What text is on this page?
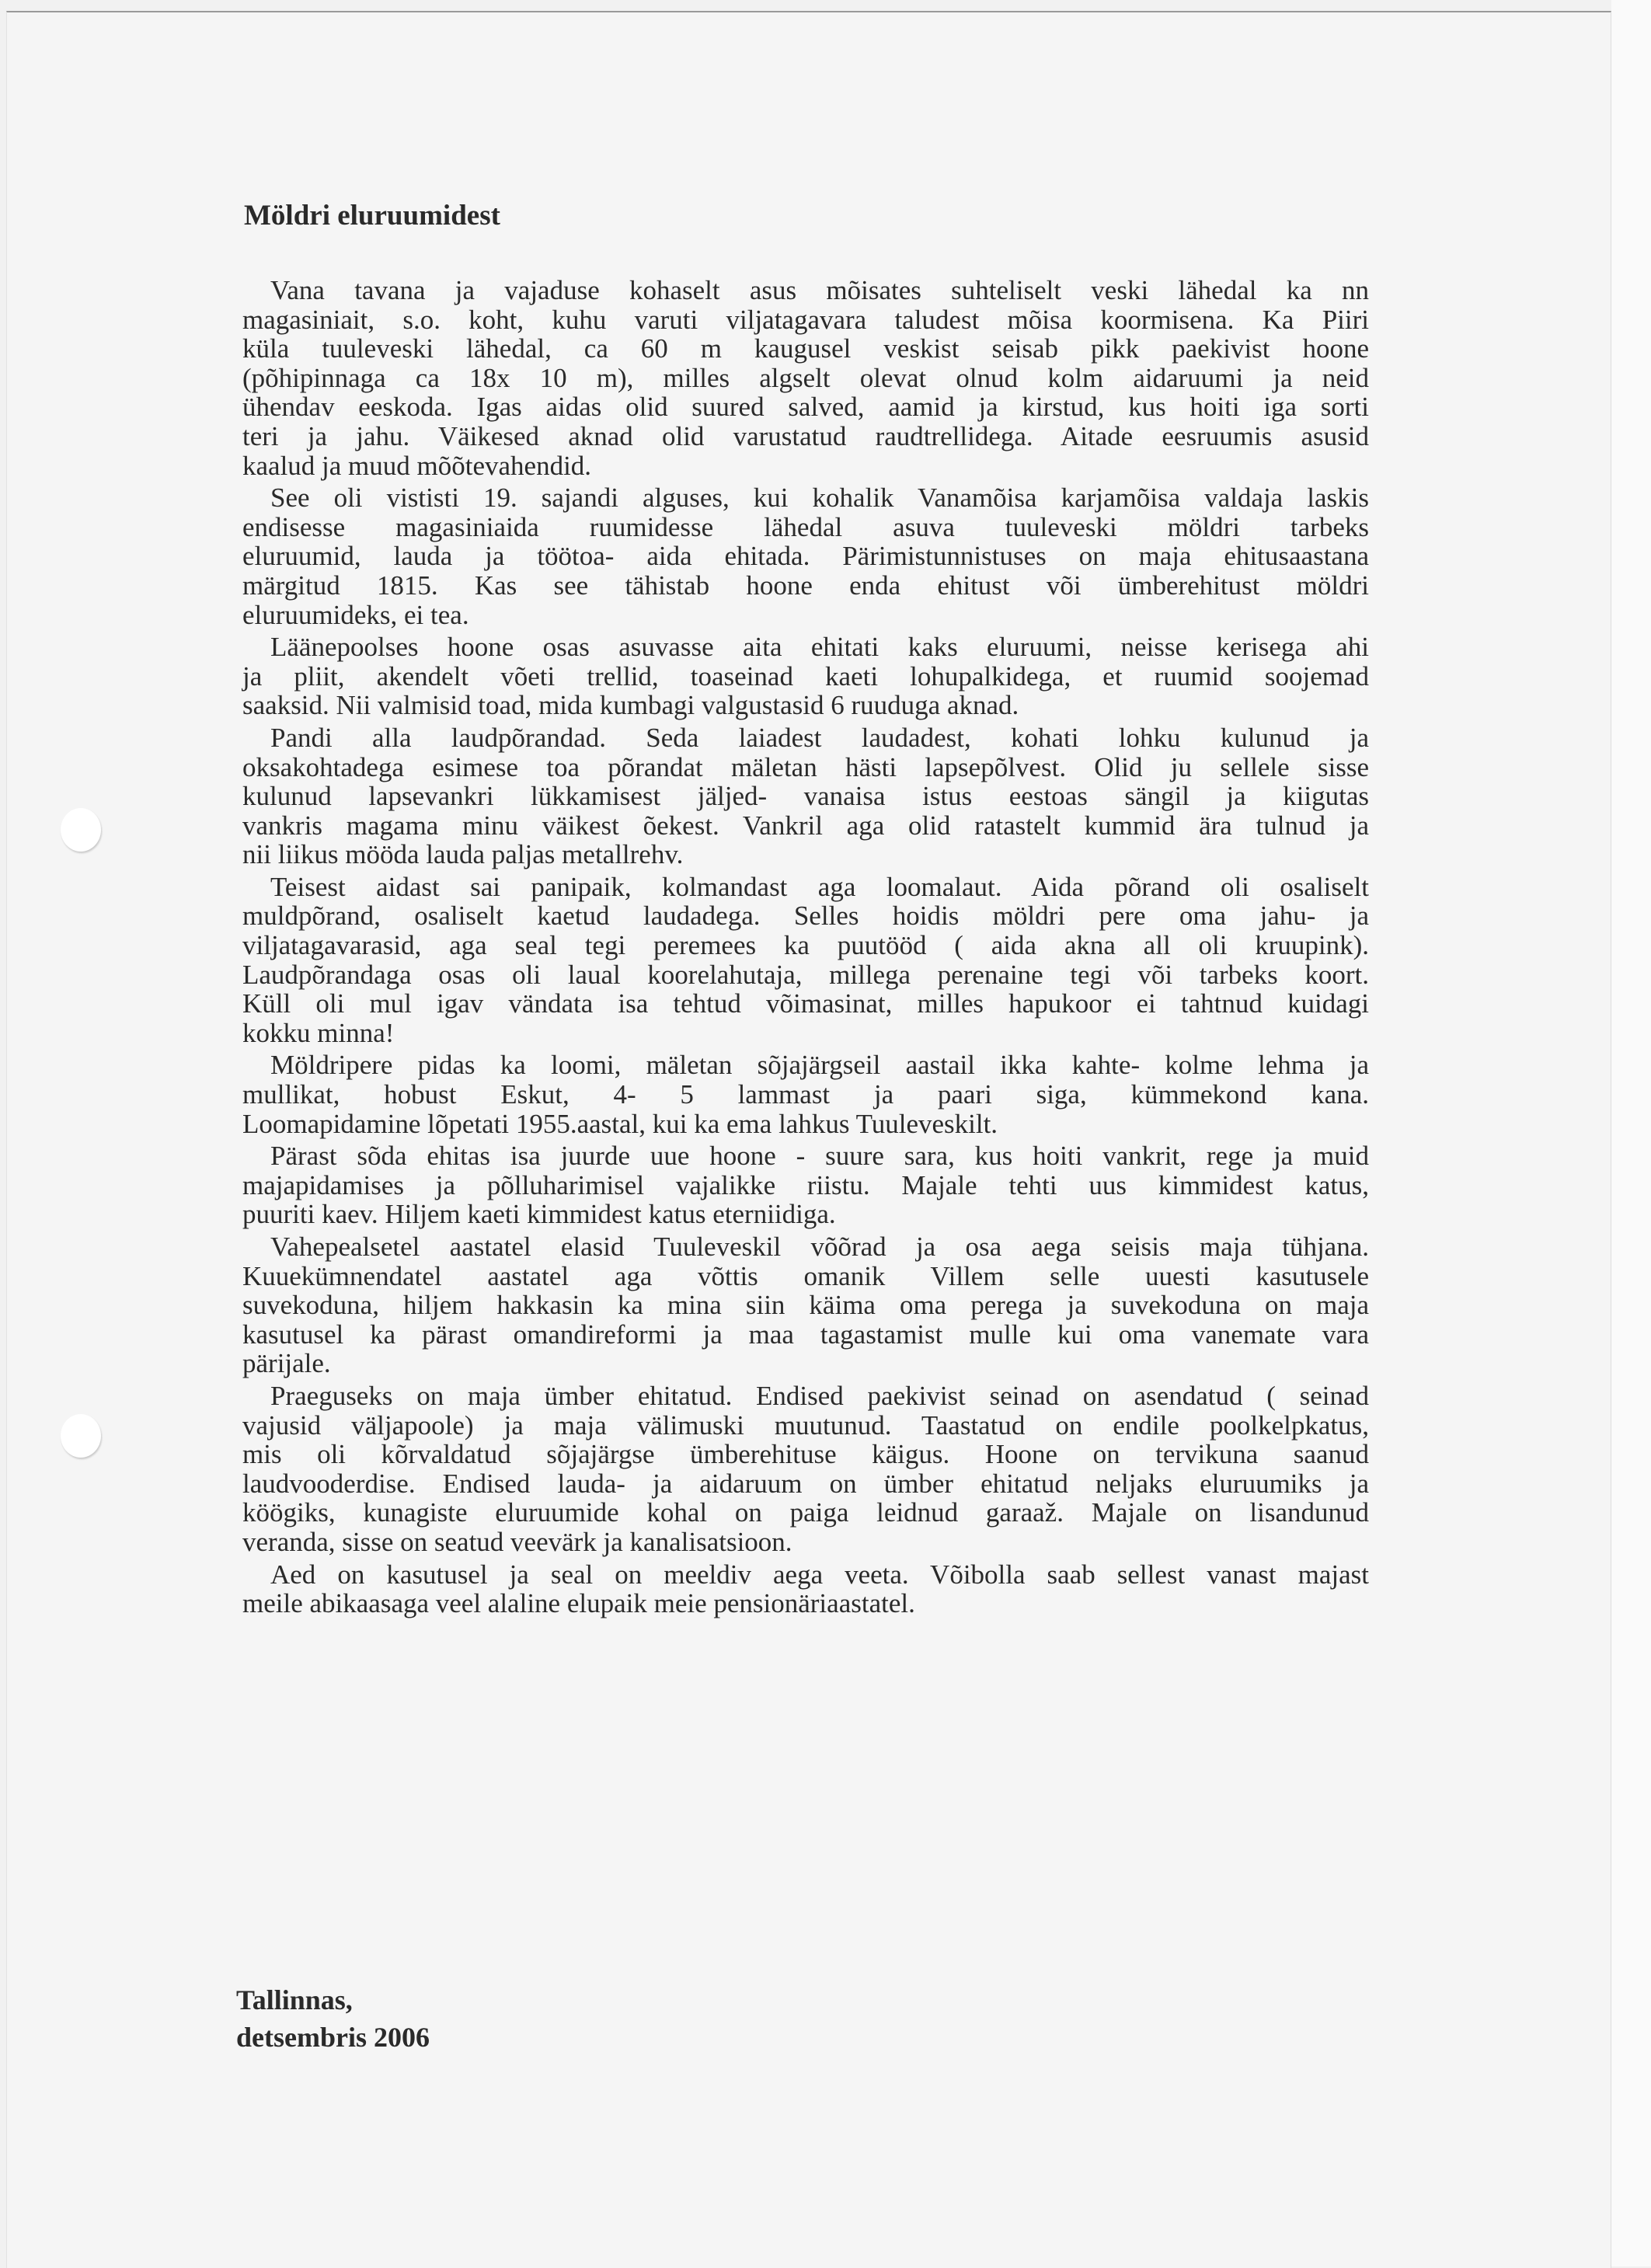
Möldri eluruumidest
Vana tavana ja vajaduse kohaselt asus mõisates suhteliselt veski lähedal ka nn
magasiniait, s.o. koht, kuhu varuti viljatagavara taludest mõisa koormisena. Ka Piiri
küla tuuleveski lähedal, ca 60 m kaugusel veskist seisab pikk paekivist hoone
(põhipinnaga ca 18x 10 m), milles algselt olevat olnud kolm aidaruumi ja neid
ühendav eeskoda. Igas aidas olid suured salved, aamid ja kirstud, kus hoiti iga sorti
teri ja jahu. Väikesed aknad olid varustatud raudtrellidega. Aitade eesruumis asusid
kaalud ja muud mõõtevahendid.
See oli vististi 19. sajandi alguses, kui kohalik Vanamõisa karjamõisa valdaja laskis
endisesse magasiniaida ruumidesse lähedal asuva tuuleveski möldri tarbeks
eluruumid, lauda ja töötoa- aida ehitada. Pärimistunnistuses on maja ehitusaastana
märgitud 1815. Kas see tähistab hoone enda ehitust või ümberehitust möldri
eluruumideks, ei tea.
Läänepoolses hoone osas asuvasse aita ehitati kaks eluruumi, neisse kerisega ahi
ja pliit, akendelt võeti trellid, toaseinad kaeti lohupalkidega, et ruumid soojemad
saaksid. Nii valmisid toad, mida kumbagi valgustasid 6 ruuduga aknad.
Pandi alla laudpõrandad. Seda laiadest laudadest, kohati lohku kulunud ja
oksakohtadega esimese toa põrandat mäletan hästi lapsepõlvest. Olid ju sellele sisse
kulunud lapsevankri lükkamisest jäljed- vanaisa istus eestoas sängil ja kiigutas
vankris magama minu väikest õekest. Vankril aga olid ratastelt kummid ära tulnud ja
nii liikus mööda lauda paljas metallrehv.
Teisest aidast sai panipaik, kolmandast aga loomalaut. Aida põrand oli osaliselt
muldpõrand, osaliselt kaetud laudadega. Selles hoidis möldri pere oma jahu- ja
viljatagavarasid, aga seal tegi peremees ka puutööd ( aida akna all oli kruupink).
Laudpõrandaga osas oli laual koorelahutaja, millega perenaine tegi või tarbeks koort.
Küll oli mul igav vändata isa tehtud võimasinat, milles hapukoor ei tahtnud kuidagi
kokku minna!
Möldripere pidas ka loomi, mäletan sõjajärgseil aastail ikka kahte- kolme lehma ja
mullikat, hobust Eskut, 4- 5 lammast ja paari siga, kümmekond kana.
Loomapidamine lõpetati 1955.aastal, kui ka ema lahkus Tuuleveskilt.
Pärast sõda ehitas isa juurde uue hoone - suure sara, kus hoiti vankrit, rege ja muid
majapidamises ja põlluharimisel vajalikke riistu. Majale tehti uus kimmidest katus,
puuriti kaev. Hiljem kaeti kimmidest katus eterniidiga.
Vahepealsetel aastatel elasid Tuuleveskil võõrad ja osa aega seisis maja tühjana.
Kuuekümnendatel aastatel aga võttis omanik Villem selle uuesti kasutusele
suvekoduna, hiljem hakkasin ka mina siin käima oma perega ja suvekoduna on maja
kasutusel ka pärast omandireformi ja maa tagastamist mulle kui oma vanemate vara
pärijale.
Praeguseks on maja ümber ehitatud. Endised paekivist seinad on asendatud ( seinad
vajusid väljapoole) ja maja välimuski muutunud. Taastatud on endile poolkelpkatus,
mis oli kõrvaldatud sõjajärgse ümberehituse käigus. Hoone on tervikuna saanud
laudvooderdise. Endised lauda- ja aidaruum on ümber ehitatud neljaks eluruumiks ja
köögiks, kunagiste eluruumide kohal on paiga leidnud garaaž. Majale on lisandunud
veranda, sisse on seatud veevärk ja kanalisatsioon.
Aed on kasutusel ja seal on meeldiv aega veeta. Võibolla saab sellest vanast majast
meile abikaasaga veel alaline elupaik meie pensionäriaastatel.
Tallinnas,
detsembris 2006
